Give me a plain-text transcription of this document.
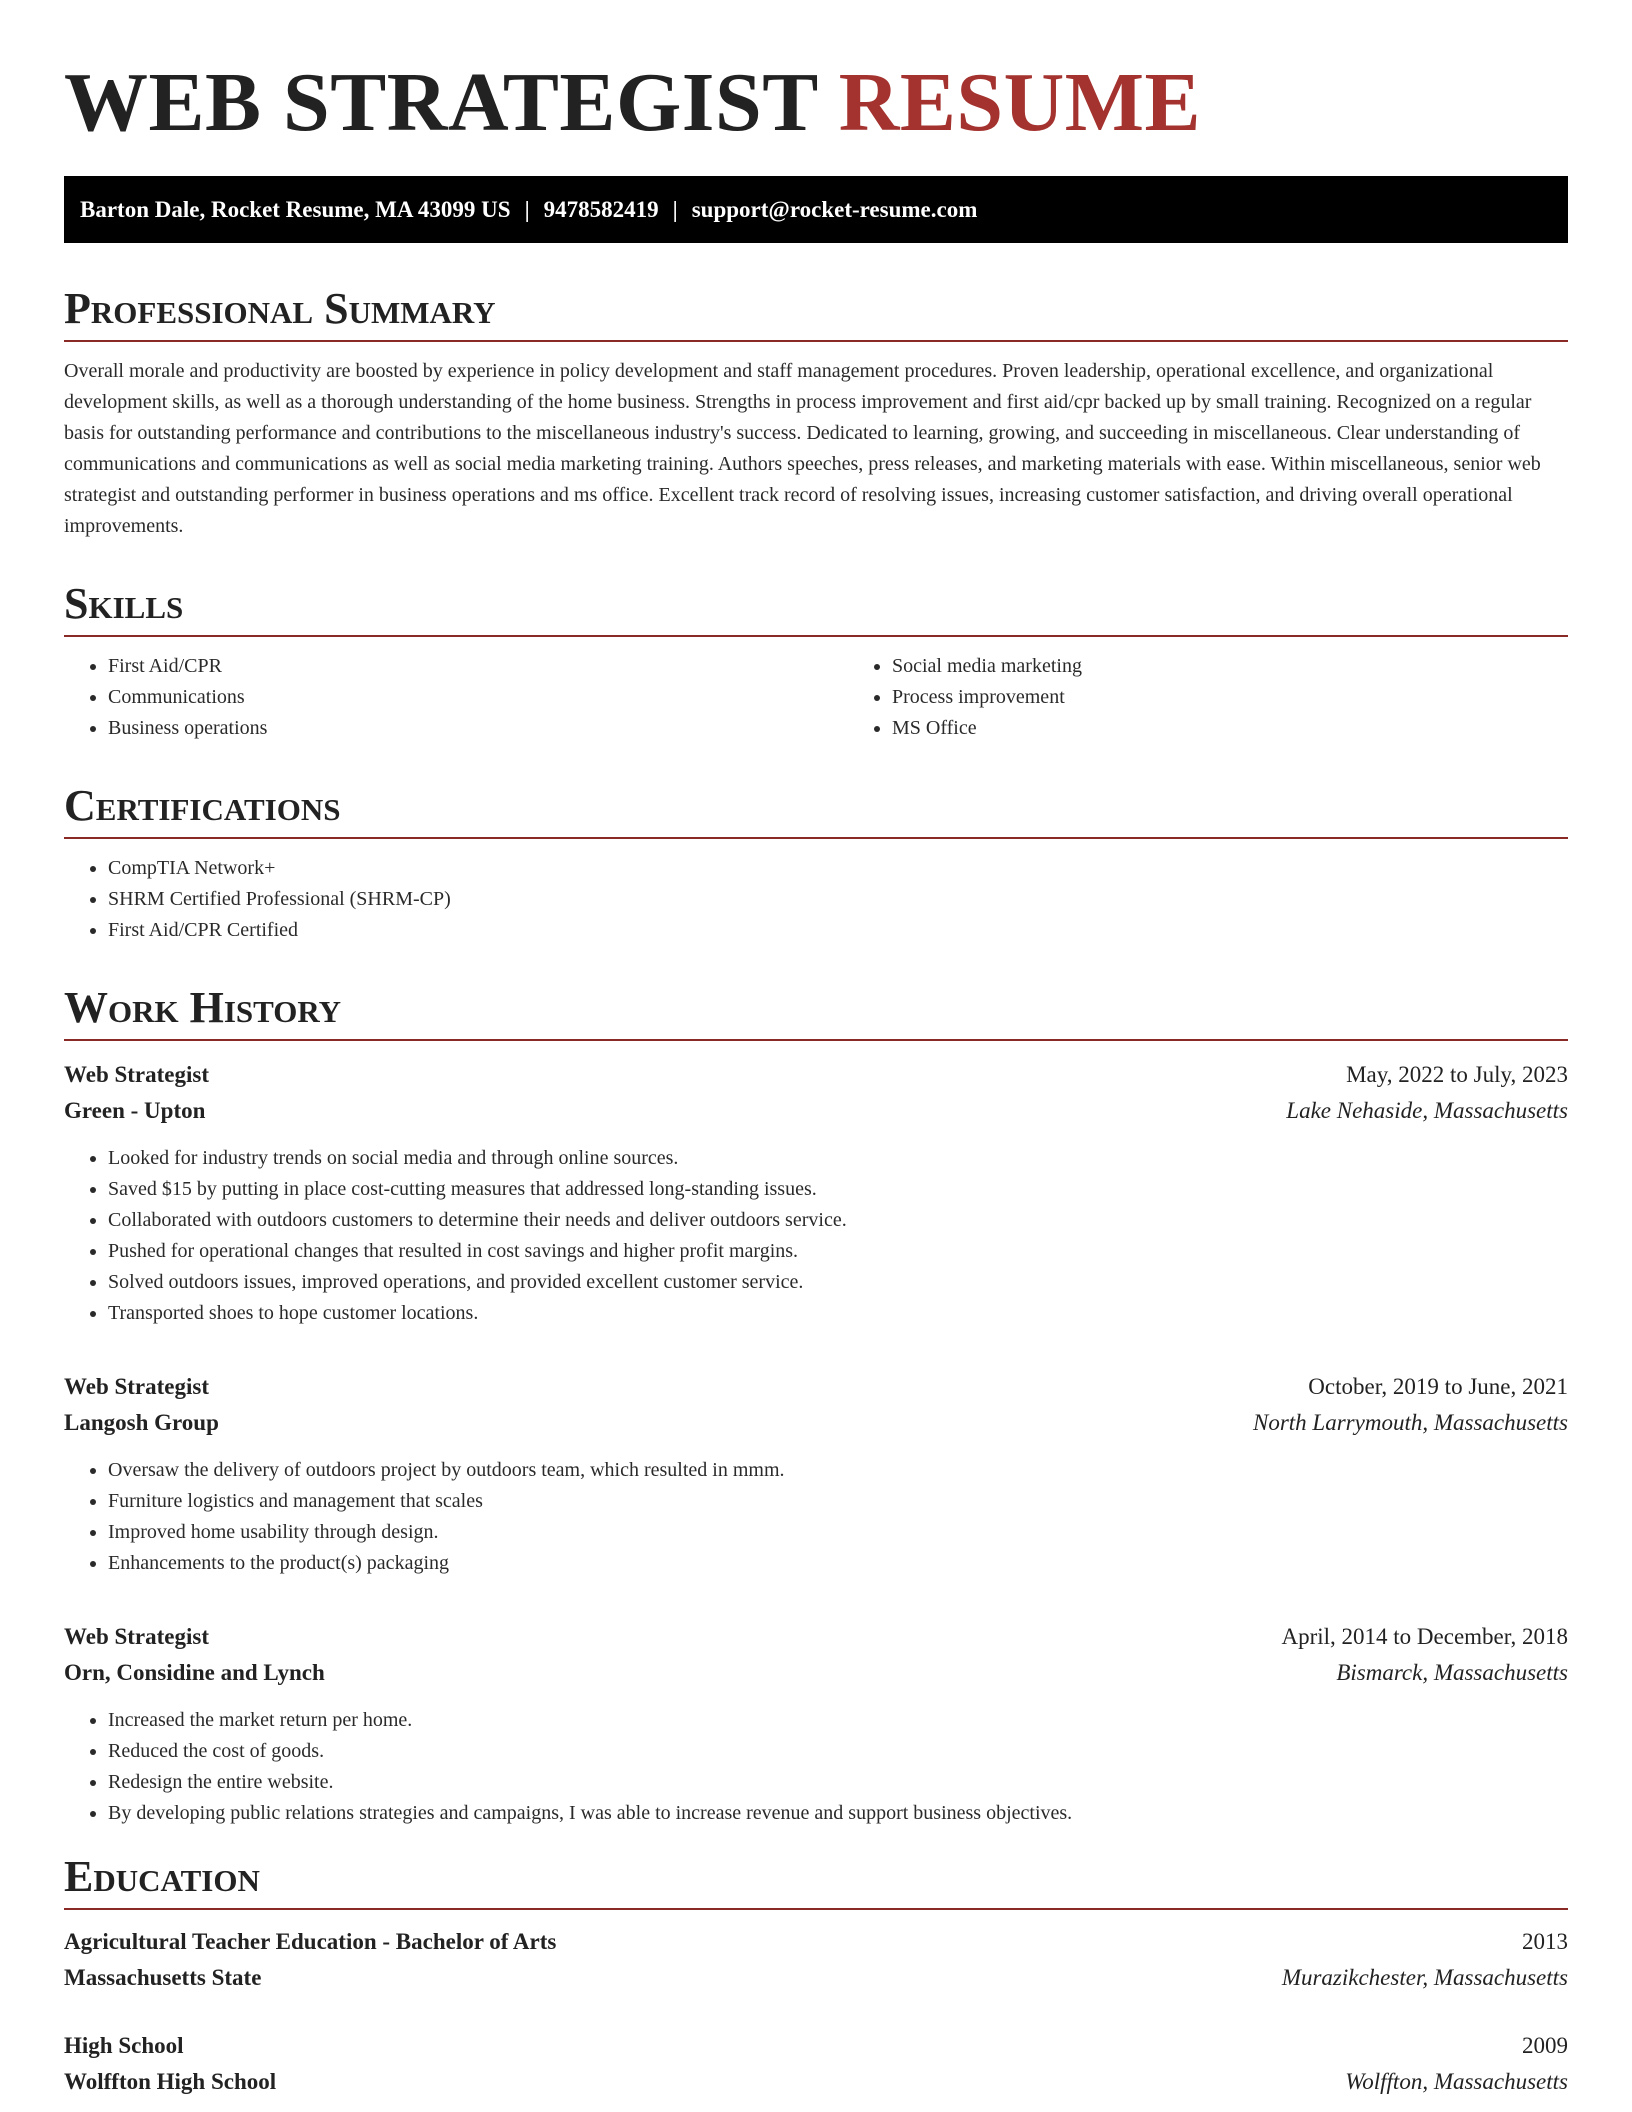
WEB STRATEGIST RESUME
Barton Dale, Rocket Resume, MA 43099 US | 9478582419 | support@rocket-resume.com
Professional Summary

Overall morale and productivity are boosted by experience in policy development and staff management procedures. Proven leadership, operational excellence, and organizational development skills, as well as a thorough understanding of the home business. Strengths in process improvement and first aid/cpr backed up by small training. Recognized on a regular basis for outstanding performance and contributions to the miscellaneous industry's success. Dedicated to learning, growing, and succeeding in miscellaneous. Clear understanding of communications and communications as well as social media marketing training. Authors speeches, press releases, and marketing materials with ease. Within miscellaneous, senior web strategist and outstanding performer in business operations and ms office. Excellent track record of resolving issues, increasing customer satisfaction, and driving overall operational improvements.

Skills
• First Aid/CPR
• Communications
• Business operations
• Social media marketing
• Process improvement
• MS Office
Certifications
• CompTIA Network+
• SHRM Certified Professional (SHRM-CP)
• First Aid/CPR Certified
Work History
Web Strategist	May, 2022 to July, 2023
Green - Upton	Lake Nehaside, Massachusetts
• Looked for industry trends on social media and through online sources.
• Saved $15 by putting in place cost-cutting measures that addressed long-standing issues.
• Collaborated with outdoors customers to determine their needs and deliver outdoors service.
• Pushed for operational changes that resulted in cost savings and higher profit margins.
• Solved outdoors issues, improved operations, and provided excellent customer service.
• Transported shoes to hope customer locations.
Web Strategist	October, 2019 to June, 2021
Langosh Group	North Larrymouth, Massachusetts
• Oversaw the delivery of outdoors project by outdoors team, which resulted in mmm.
• Furniture logistics and management that scales
• Improved home usability through design.
• Enhancements to the product(s) packaging
Web Strategist	April, 2014 to December, 2018
Orn, Considine and Lynch	Bismarck, Massachusetts
• Increased the market return per home.
• Reduced the cost of goods.
• Redesign the entire website.
• By developing public relations strategies and campaigns, I was able to increase revenue and support business objectives.
Education
Agricultural Teacher Education - Bachelor of Arts	2013
Massachusetts State	Murazikchester, Massachusetts
High School	2009
Wolffton High School	Wolffton, Massachusetts
